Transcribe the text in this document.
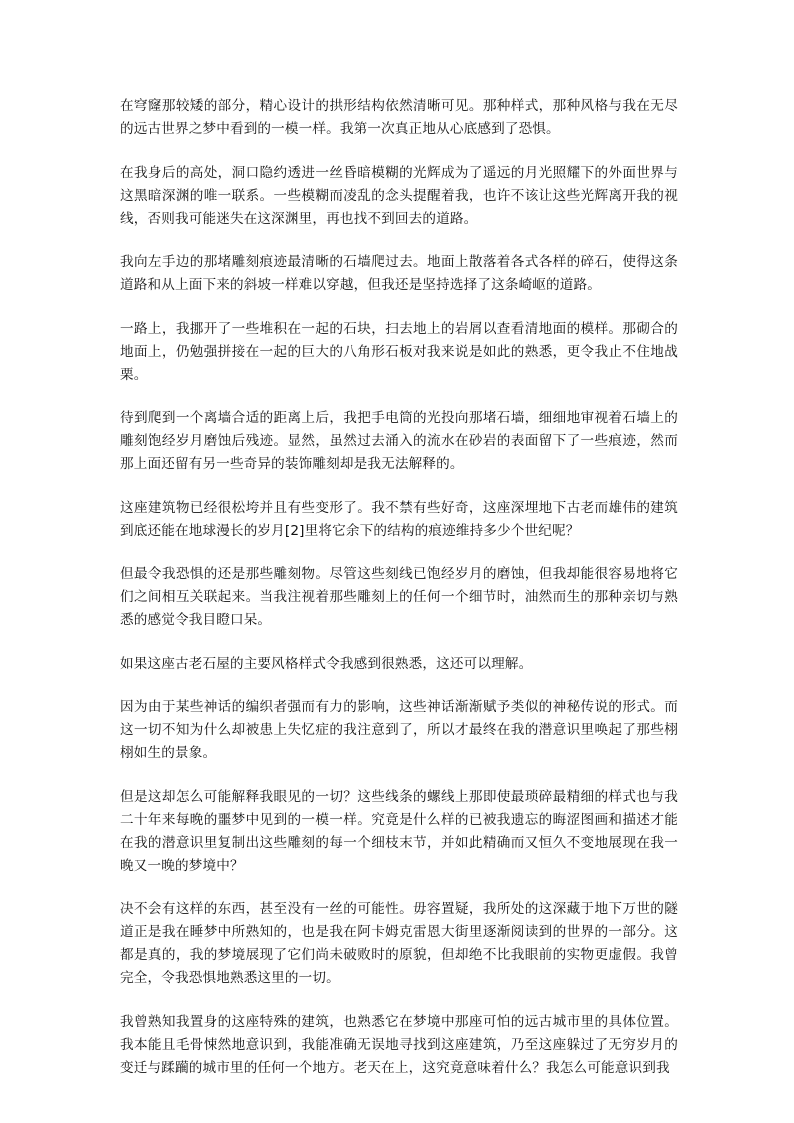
在穹窿那较矮的部分，精心设计的拱形结构依然清晰可见。那种样式，那种风格与我在无尽的远古世界之梦中看到的一模一样。我第一次真正地从心底感到了恐惧。

在我身后的高处，洞口隐约透进一丝昏暗模糊的光辉成为了遥远的月光照耀下的外面世界与这黑暗深渊的唯一联系。一些模糊而凌乱的念头提醒着我，也许不该让这些光辉离开我的视线，否则我可能迷失在这深渊里，再也找不到回去的道路。

我向左手边的那堵雕刻痕迹最清晰的石墙爬过去。地面上散落着各式各样的碎石，使得这条道路和从上面下来的斜坡一样难以穿越，但我还是坚持选择了这条崎岖的道路。

一路上，我挪开了一些堆积在一起的石块，扫去地上的岩屑以查看清地面的模样。那砌合的地面上，仍勉强拼接在一起的巨大的八角形石板对我来说是如此的熟悉，更令我止不住地战栗。

待到爬到一个离墙合适的距离上后，我把手电筒的光投向那堵石墙，细细地审视着石墙上的雕刻饱经岁月磨蚀后残迹。显然，虽然过去涌入的流水在砂岩的表面留下了一些痕迹，然而那上面还留有另一些奇异的装饰雕刻却是我无法解释的。

这座建筑物已经很松垮并且有些变形了。我不禁有些好奇，这座深埋地下古老而雄伟的建筑到底还能在地球漫长的岁月[2]里将它余下的结构的痕迹维持多少个世纪呢？

但最令我恐惧的还是那些雕刻物。尽管这些刻线已饱经岁月的磨蚀，但我却能很容易地将它们之间相互关联起来。当我注视着那些雕刻上的任何一个细节时，油然而生的那种亲切与熟悉的感觉令我目瞪口呆。

如果这座古老石屋的主要风格样式令我感到很熟悉，这还可以理解。

因为由于某些神话的编织者强而有力的影响，这些神话渐渐赋予类似的神秘传说的形式。而这一切不知为什么却被患上失忆症的我注意到了，所以才最终在我的潜意识里唤起了那些栩栩如生的景象。

但是这却怎么可能解释我眼见的一切？这些线条的螺线上那即使最琐碎最精细的样式也与我二十年来每晚的噩梦中见到的一模一样。究竟是什么样的已被我遗忘的晦涩图画和描述才能在我的潜意识里复制出这些雕刻的每一个细枝末节，并如此精确而又恒久不变地展现在我一晚又一晚的梦境中？

决不会有这样的东西，甚至没有一丝的可能性。毋容置疑，我所处的这深藏于地下万世的隧道正是我在睡梦中所熟知的，也是我在阿卡姆克雷恩大街里逐渐阅读到的世界的一部分。这都是真的，我的梦境展现了它们尚未破败时的原貌，但却绝不比我眼前的实物更虚假。我曾完全，令我恐惧地熟悉这里的一切。

我曾熟知我置身的这座特殊的建筑，也熟悉它在梦境中那座可怕的远古城市里的具体位置。我本能且毛骨悚然地意识到，我能准确无误地寻找到这座建筑，乃至这座躲过了无穷岁月的变迁与蹂躏的城市里的任何一个地方。老天在上，这究竟意味着什么？我怎么可能意识到我
